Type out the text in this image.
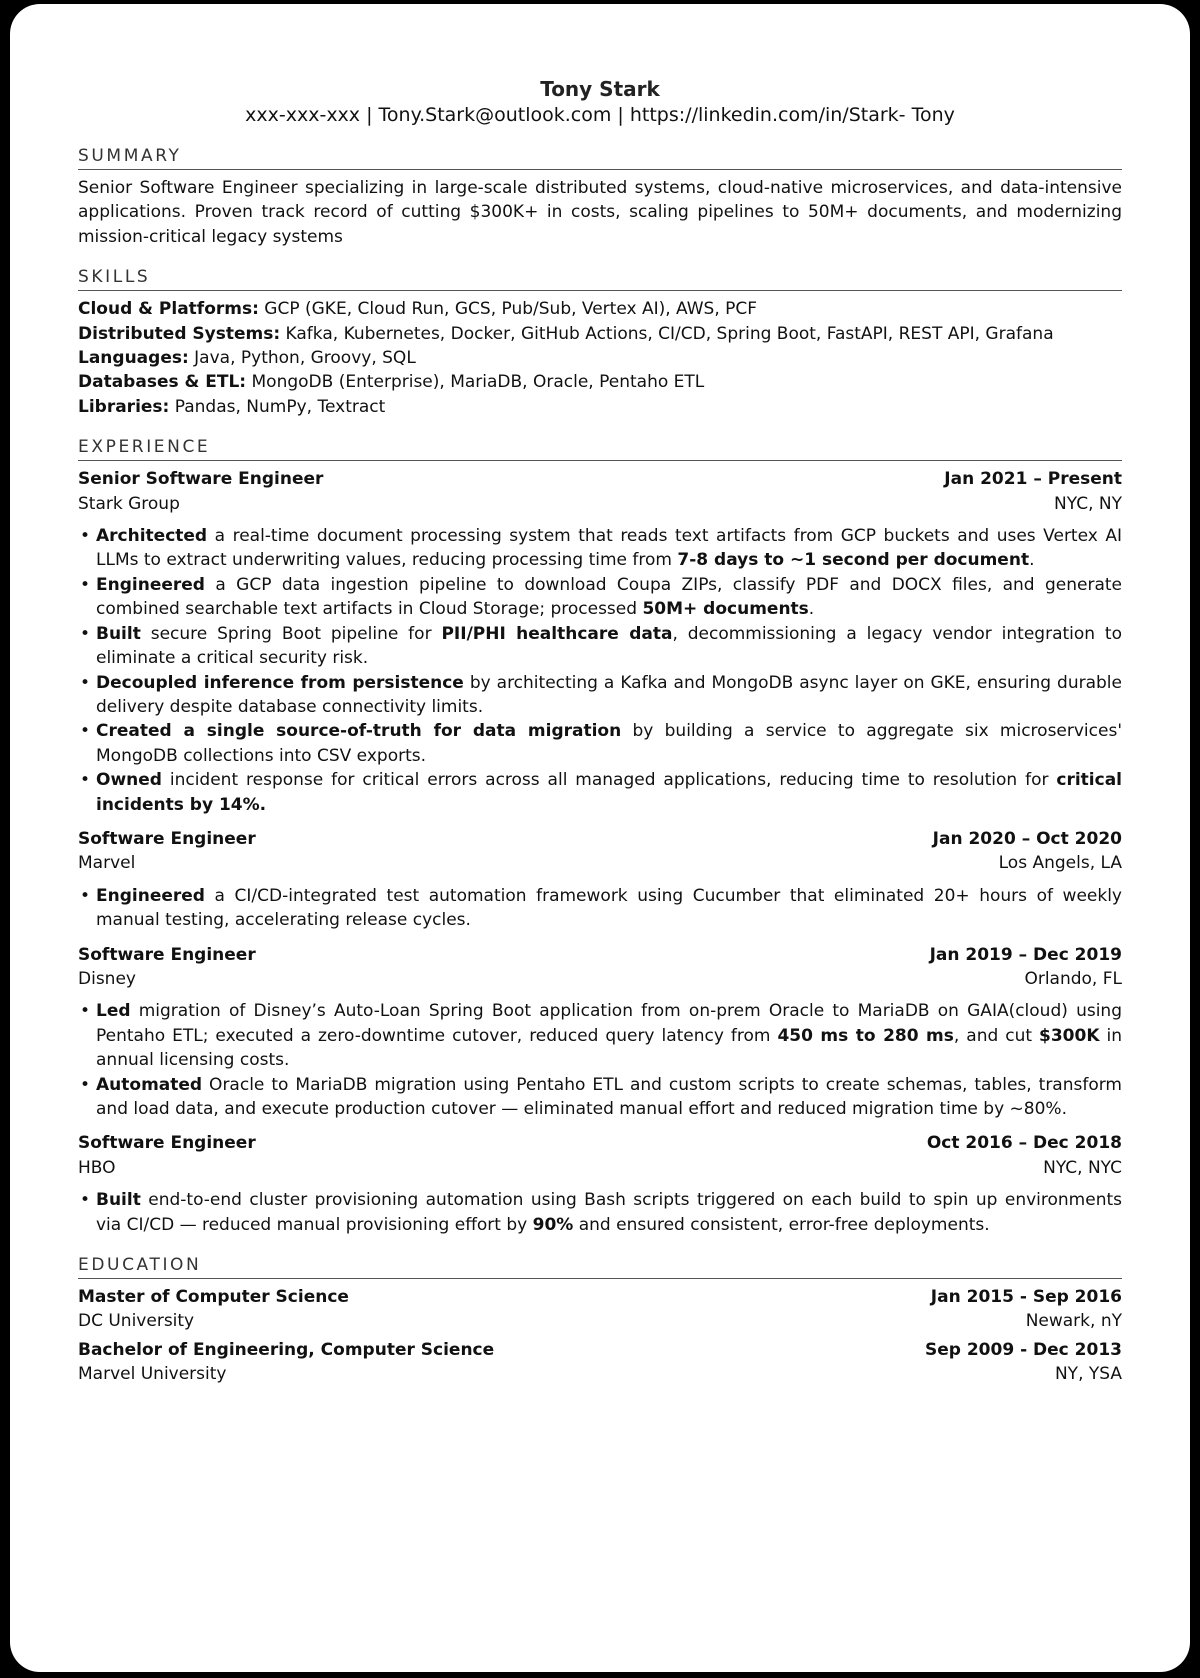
Tony Stark
xxx-xxx-xxx | Tony.Stark@outlook.com | https://linkedin.com/in/Stark- Tony
SUMMARY
Senior Software Engineer specializing in large-scale distributed systems, cloud-native microservices, and data-intensive applications. Proven track record of cutting $300K+ in costs, scaling pipelines to 50M+ documents, and modernizing mission-critical legacy systems
SKILLS
Cloud & Platforms: GCP (GKE, Cloud Run, GCS, Pub/Sub, Vertex AI), AWS, PCF
Distributed Systems: Kafka, Kubernetes, Docker, GitHub Actions, CI/CD, Spring Boot, FastAPI, REST API, Grafana
Languages: Java, Python, Groovy, SQL
Databases & ETL: MongoDB (Enterprise), MariaDB, Oracle, Pentaho ETL
Libraries: Pandas, NumPy, Textract
EXPERIENCE
Senior Software Engineer	Jan 2021 – Present
Stark Group	NYC, NY
• Architected a real-time document processing system that reads text artifacts from GCP buckets and uses Vertex AI LLMs to extract underwriting values, reducing processing time from 7-8 days to ~1 second per document.
• Engineered a GCP data ingestion pipeline to download Coupa ZIPs, classify PDF and DOCX files, and generate combined searchable text artifacts in Cloud Storage; processed 50M+ documents.
• Built secure Spring Boot pipeline for PII/PHI healthcare data, decommissioning a legacy vendor integration to eliminate a critical security risk.
• Decoupled inference from persistence by architecting a Kafka and MongoDB async layer on GKE, ensuring durable delivery despite database connectivity limits.
• Created a single source-of-truth for data migration by building a service to aggregate six microservices' MongoDB collections into CSV exports.
• Owned incident response for critical errors across all managed applications, reducing time to resolution for critical incidents by 14%.
Software Engineer	Jan 2020 – Oct 2020
Marvel	Los Angels, LA
• Engineered a CI/CD-integrated test automation framework using Cucumber that eliminated 20+ hours of weekly manual testing, accelerating release cycles.
Software Engineer	Jan 2019 – Dec 2019
Disney	Orlando, FL
• Led migration of Disney’s Auto-Loan Spring Boot application from on-prem Oracle to MariaDB on GAIA(cloud) using Pentaho ETL; executed a zero-downtime cutover, reduced query latency from 450 ms to 280 ms, and cut $300K in annual licensing costs.
• Automated Oracle to MariaDB migration using Pentaho ETL and custom scripts to create schemas, tables, transform and load data, and execute production cutover — eliminated manual effort and reduced migration time by ~80%.
Software Engineer	Oct 2016 – Dec 2018
HBO	NYC, NYC
• Built end-to-end cluster provisioning automation using Bash scripts triggered on each build to spin up environments via CI/CD — reduced manual provisioning effort by 90% and ensured consistent, error-free deployments.
EDUCATION
Master of Computer Science	Jan 2015 - Sep 2016
DC University	Newark, nY
Bachelor of Engineering, Computer Science	Sep 2009 - Dec 2013
Marvel University	NY, YSA
